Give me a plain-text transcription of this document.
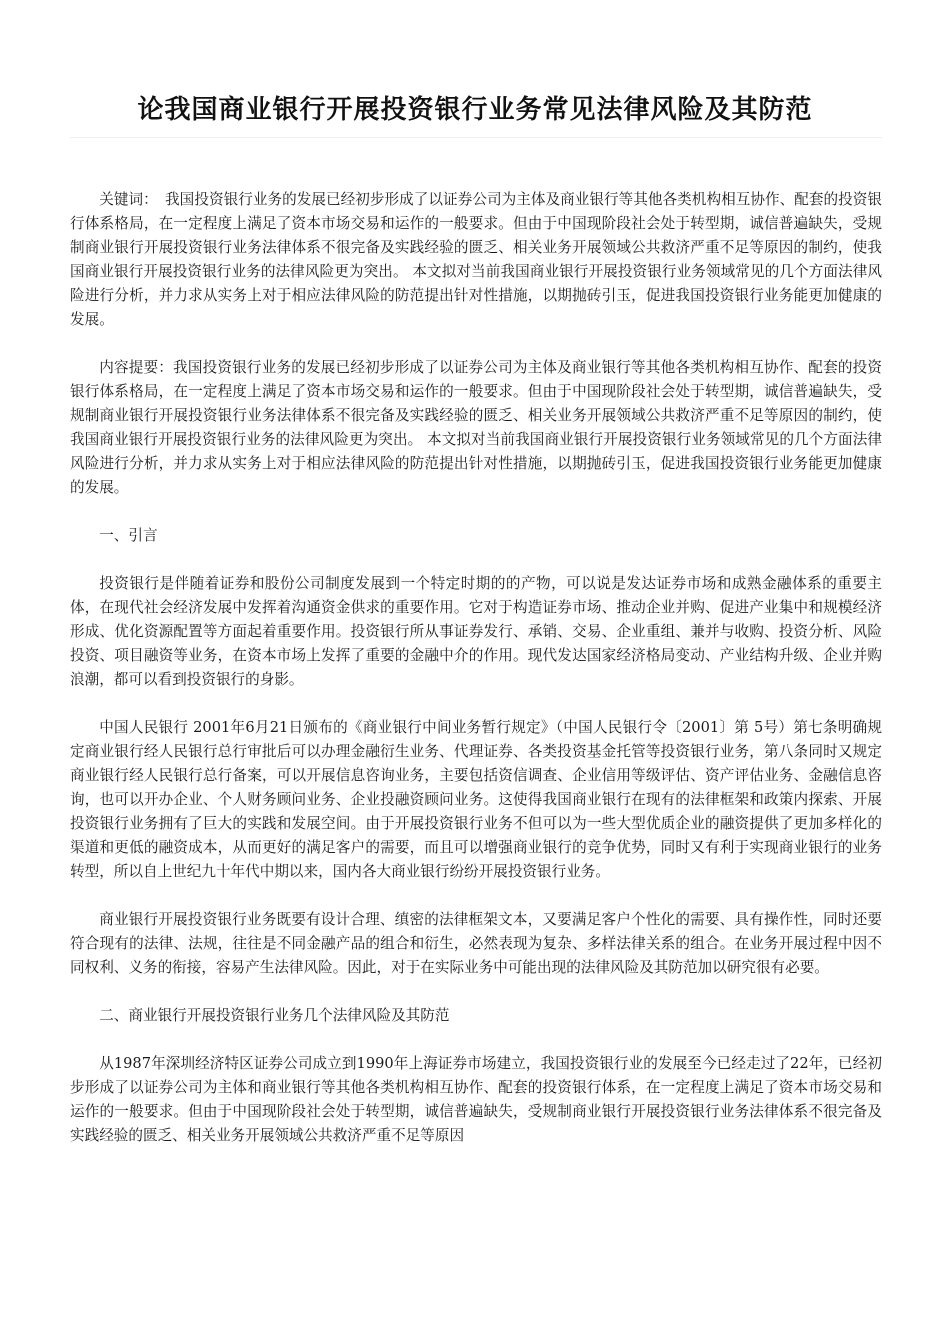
论我国商业银行开展投资银行业务常见法律风险及其防范

关键词：　我国投资银行业务的发展已经初步形成了以证券公司为主体及商业银行等其他各类机构相互协作、配套的投资银行体系格局，在一定程度上满足了资本市场交易和运作的一般要求。但由于中国现阶段社会处于转型期，诚信普遍缺失，受规制商业银行开展投资银行业务法律体系不很完备及实践经验的匮乏、相关业务开展领域公共救济严重不足等原因的制约，使我国商业银行开展投资银行业务的法律风险更为突出。 本文拟对当前我国商业银行开展投资银行业务领域常见的几个方面法律风险进行分析，并力求从实务上对于相应法律风险的防范提出针对性措施，以期抛砖引玉，促进我国投资银行业务能更加健康的发展。

内容提要：我国投资银行业务的发展已经初步形成了以证券公司为主体及商业银行等其他各类机构相互协作、配套的投资银行体系格局，在一定程度上满足了资本市场交易和运作的一般要求。但由于中国现阶段社会处于转型期，诚信普遍缺失，受规制商业银行开展投资银行业务法律体系不很完备及实践经验的匮乏、相关业务开展领域公共救济严重不足等原因的制约，使我国商业银行开展投资银行业务的法律风险更为突出。 本文拟对当前我国商业银行开展投资银行业务领域常见的几个方面法律风险进行分析，并力求从实务上对于相应法律风险的防范提出针对性措施，以期抛砖引玉，促进我国投资银行业务能更加健康的发展。

一、引言

投资银行是伴随着证券和股份公司制度发展到一个特定时期的的产物，可以说是发达证券市场和成熟金融体系的重要主体，在现代社会经济发展中发挥着沟通资金供求的重要作用。它对于构造证券市场、推动企业并购、促进产业集中和规模经济形成、优化资源配置等方面起着重要作用。投资银行所从事证券发行、承销、交易、企业重组、兼并与收购、投资分析、风险投资、项目融资等业务，在资本市场上发挥了重要的金融中介的作用。现代发达国家经济格局变动、产业结构升级、企业并购浪潮，都可以看到投资银行的身影。

中国人民银行 2001年6月21日颁布的《商业银行中间业务暂行规定》（中国人民银行令〔2001〕第 5号）第七条明确规定商业银行经人民银行总行审批后可以办理金融衍生业务、代理证券、各类投资基金托管等投资银行业务，第八条同时又规定商业银行经人民银行总行备案，可以开展信息咨询业务，主要包括资信调查、企业信用等级评估、资产评估业务、金融信息咨询，也可以开办企业、个人财务顾问业务、企业投融资顾问业务。这使得我国商业银行在现有的法律框架和政策内探索、开展投资银行业务拥有了巨大的实践和发展空间。由于开展投资银行业务不但可以为一些大型优质企业的融资提供了更加多样化的渠道和更低的融资成本，从而更好的满足客户的需要，而且可以增强商业银行的竞争优势，同时又有利于实现商业银行的业务转型，所以自上世纪九十年代中期以来，国内各大商业银行纷纷开展投资银行业务。

商业银行开展投资银行业务既要有设计合理、缜密的法律框架文本，又要满足客户个性化的需要、具有操作性，同时还要符合现有的法律、法规，往往是不同金融产品的组合和衍生，必然表现为复杂、多样法律关系的组合。在业务开展过程中因不同权利、义务的衔接，容易产生法律风险。因此，对于在实际业务中可能出现的法律风险及其防范加以研究很有必要。

二、商业银行开展投资银行业务几个法律风险及其防范

从1987年深圳经济特区证券公司成立到1990年上海证券市场建立，我国投资银行业的发展至今已经走过了22年，已经初步形成了以证券公司为主体和商业银行等其他各类机构相互协作、配套的投资银行体系，在一定程度上满足了资本市场交易和运作的一般要求。但由于中国现阶段社会处于转型期，诚信普遍缺失，受规制商业银行开展投资银行业务法律体系不很完备及实践经验的匮乏、相关业务开展领域公共救济严重不足等原因
